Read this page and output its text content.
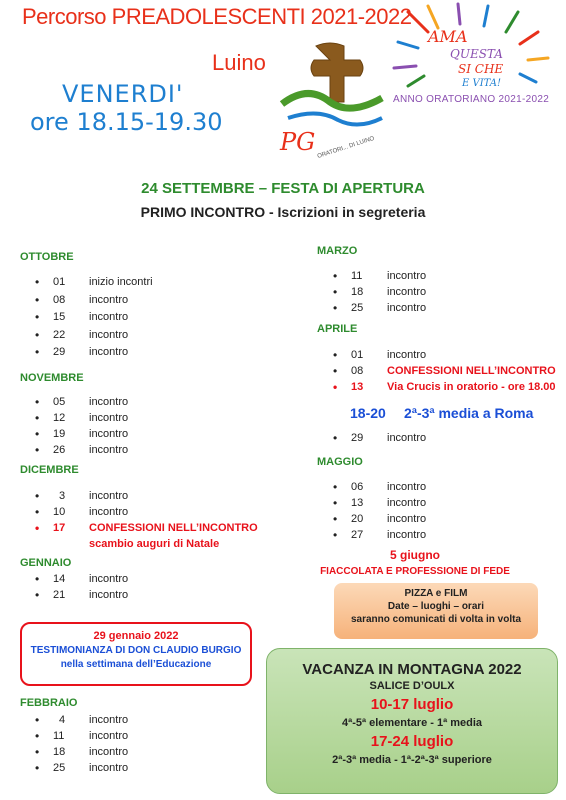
Percorso PREADOLESCENTI 2021-2022
Luino
VENERDI'
ore 18.15-19.30
PG ORATORI... DI LUINO
AMA
QUESTA
SI CHE
E VITA!
ANNO ORATORIANO 2021-2022
24 SETTEMBRE – FESTA DI APERTURA
PRIMO INCONTRO - Iscrizioni in segreteria
OTTOBRE
• 01 inizio incontri
• 08 incontro
• 15 incontro
• 22 incontro
• 29 incontro
NOVEMBRE
• 05 incontro
• 12 incontro
• 19 incontro
• 26 incontro
DICEMBRE
• 3 incontro
• 10 incontro
• 17 CONFESSIONI NELL’INCONTRO
scambio auguri di Natale
GENNAIO
• 14 incontro
• 21 incontro
29 gennaio 2022
TESTIMONIANZA DI DON CLAUDIO BURGIO
nella settimana dell’Educazione
FEBBRAIO
• 4 incontro
• 11 incontro
• 18 incontro
• 25 incontro
MARZO
• 11 incontro
• 18 incontro
• 25 incontro
APRILE
• 01 incontro
• 08 CONFESSIONI NELL’INCONTRO
• 13 Via Crucis in oratorio - ore 18.00
18-20 2ª-3ª media a Roma
• 29 incontro
MAGGIO
• 06 incontro
• 13 incontro
• 20 incontro
• 27 incontro
5 giugno
FIACCOLATA E PROFESSIONE DI FEDE
PIZZA e FILM
Date – luoghi – orari
saranno comunicati di volta in volta
VACANZA IN MONTAGNA 2022
SALICE D’OULX
10-17 luglio
4ª-5ª elementare - 1ª media
17-24 luglio
2ª-3ª media - 1ª-2ª-3ª superiore
